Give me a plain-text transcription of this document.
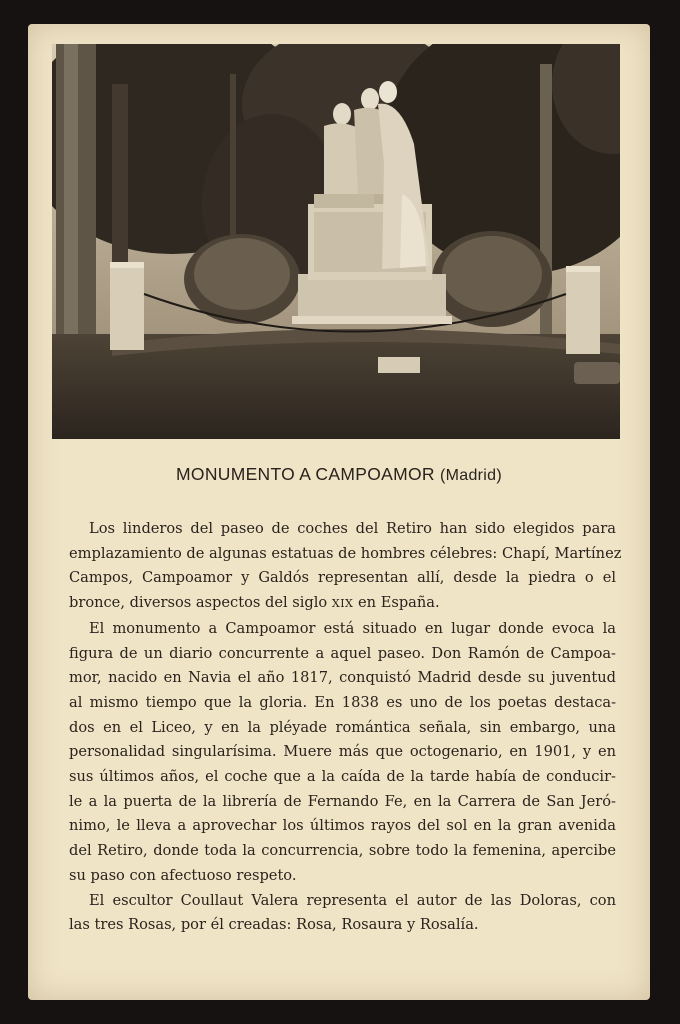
MONUMENTO A CAMPOAMOR (Madrid)
Los linderos del paseo de coches del Retiro han sido elegidos para
emplazamiento de algunas estatuas de hombres célebres: Chapí, Martínez
Campos, Campoamor y Galdós representan allí, desde la piedra o el
bronce, diversos aspectos del siglo XIX en España.
El monumento a Campoamor está situado en lugar donde evoca la
figura de un diario concurrente a aquel paseo. Don Ramón de Campoa-
mor, nacido en Navia el año 1817, conquistó Madrid desde su juventud
al mismo tiempo que la gloria. En 1838 es uno de los poetas destaca-
dos en el Liceo, y en la pléyade romántica señala, sin embargo, una
personalidad singularísima. Muere más que octogenario, en 1901, y en
sus últimos años, el coche que a la caída de la tarde había de conducir-
le a la puerta de la librería de Fernando Fe, en la Carrera de San Jeró-
nimo, le lleva a aprovechar los últimos rayos del sol en la gran avenida
del Retiro, donde toda la concurrencia, sobre todo la femenina, apercibe
su paso con afectuoso respeto.
El escultor Coullaut Valera representa el autor de las Doloras, con
las tres Rosas, por él creadas: Rosa, Rosaura y Rosalía.
